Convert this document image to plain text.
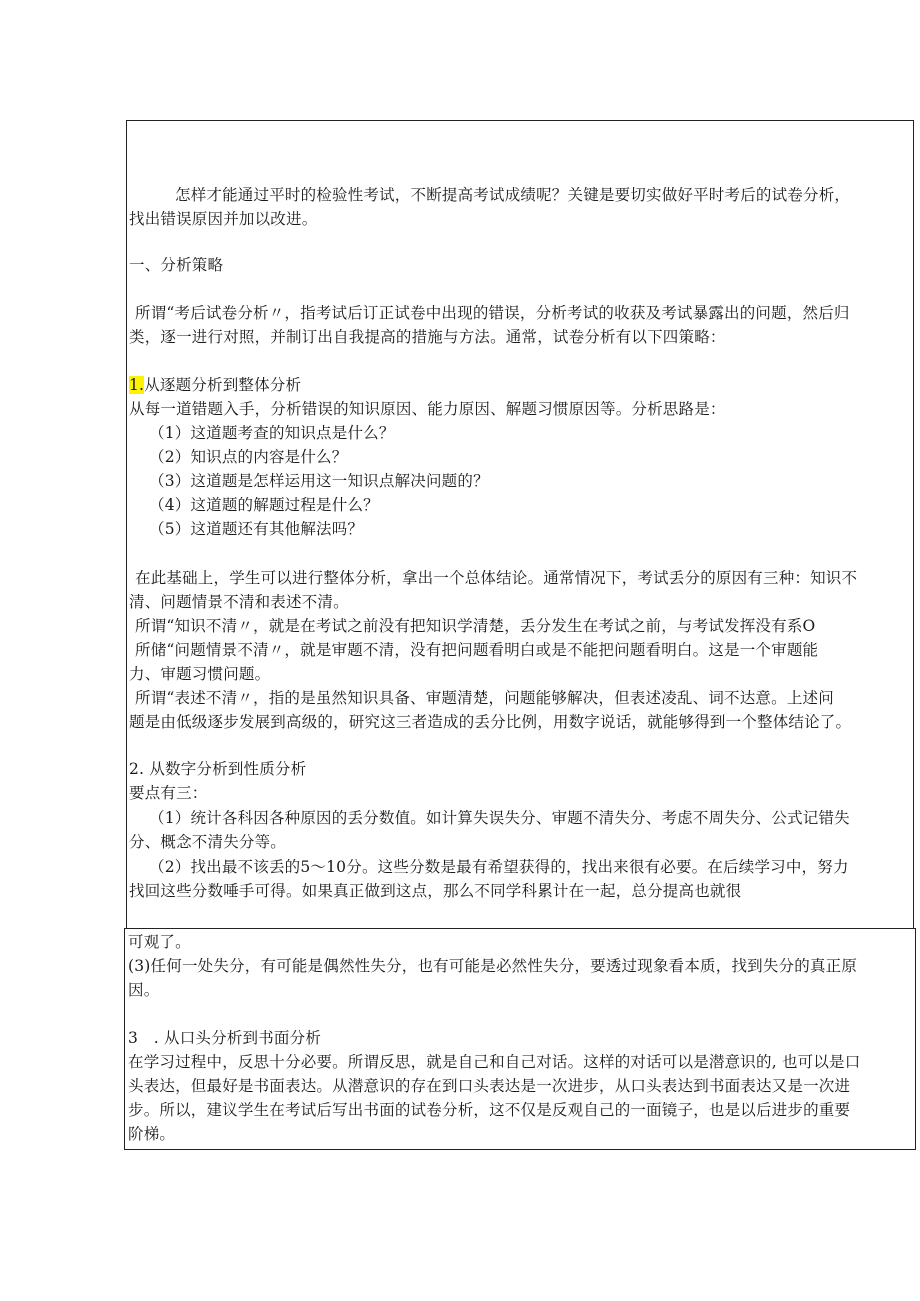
怎样才能通过平时的检验性考试，不断提高考试成绩呢？关键是要切实做好平时考后的试卷分析，
找出错误原因并加以改进。
一、分析策略
所谓“考后试卷分析〃，指考试后订正试卷中出现的错误，分析考试的收获及考试暴露出的问题，然后归
类，逐一进行对照，并制订出自我提高的措施与方法。通常，试卷分析有以下四策略：
1.从逐题分析到整体分析
从每一道错题入手，分析错误的知识原因、能力原因、解题习惯原因等。分析思路是：
（1）这道题考查的知识点是什么？
（2）知识点的内容是什么？
（3）这道题是怎样运用这一知识点解决问题的？
（4）这道题的解题过程是什么？
（5）这道题还有其他解法吗？
在此基础上，学生可以进行整体分析，拿出一个总体结论。通常情况下，考试丢分的原因有三种：知识不
清、问题情景不清和表述不清。
所谓“知识不清〃，就是在考试之前没有把知识学清楚，丢分发生在考试之前，与考试发挥没有系O
所储“问题情景不清〃，就是审题不清，没有把问题看明白或是不能把问题看明白。这是一个审题能
力、审题习惯问题。
所谓“表述不清〃，指的是虽然知识具备、审题清楚，问题能够解决，但表述凌乱、词不达意。上述问
题是由低级逐步发展到高级的，研究这三者造成的丢分比例，用数字说话，就能够得到一个整体结论了。
2. 从数字分析到性质分析
要点有三：
（1）统计各科因各种原因的丢分数值。如计算失误失分、审题不清失分、考虑不周失分、公式记错失
分、概念不清失分等。
（2）找出最不该丢的5～10分。这些分数是最有希望获得的，找出来很有必要。在后续学习中，努力
找回这些分数唾手可得。如果真正做到这点，那么不同学科累计在一起，总分提高也就很
可观了。
(3)任何一处失分，有可能是偶然性失分，也有可能是必然性失分，要透过现象看本质，找到失分的真正原
因。
3　. 从口头分析到书面分析
在学习过程中，反思十分必要。所谓反思，就是自己和自己对话。这样的对话可以是潜意识的, 也可以是口
头表达，但最好是书面表达。从潜意识的存在到口头表达是一次进步，从口头表达到书面表达又是一次进
步。所以，建议学生在考试后写出书面的试卷分析，这不仅是反观自己的一面镜子，也是以后进步的重要
阶梯。
